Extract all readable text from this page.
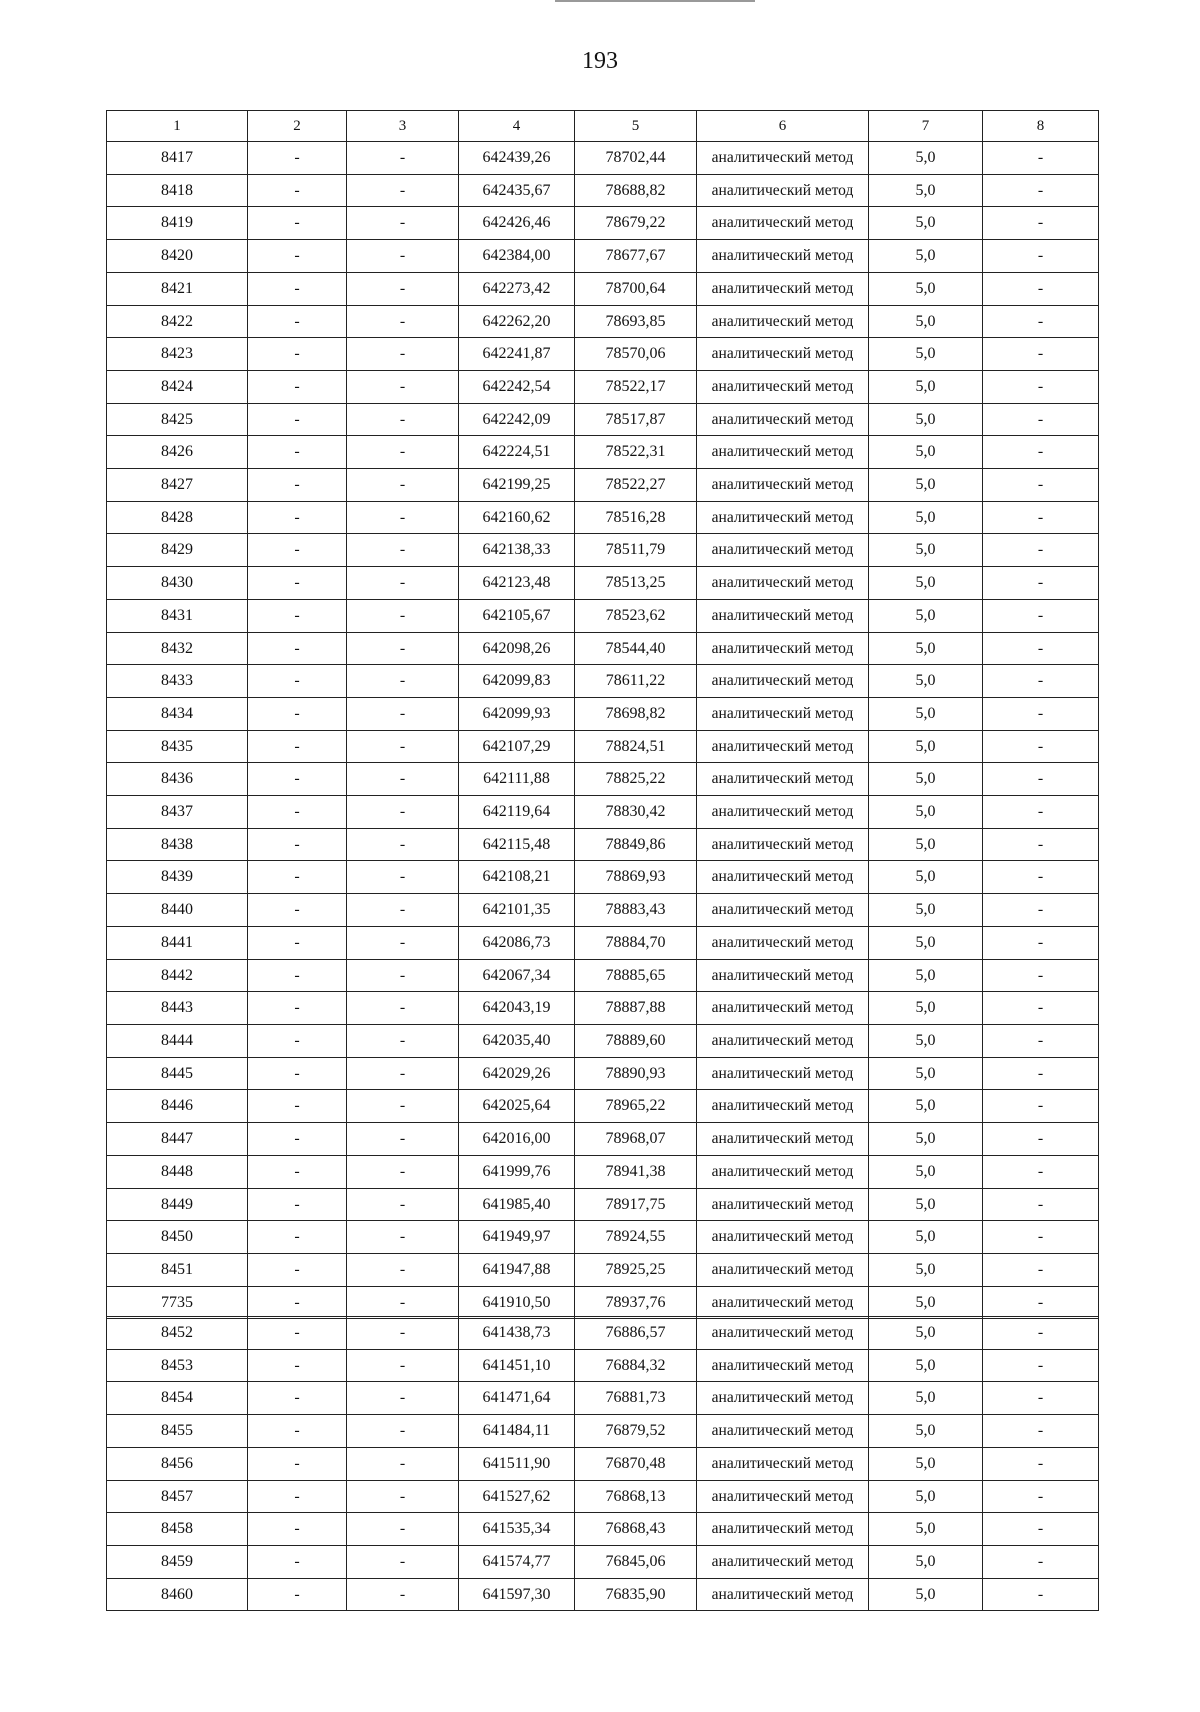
193
1	2	3	4	5	6	7	8
8417	-	-	642439,26	78702,44	аналитический метод	5,0	-
8418	-	-	642435,67	78688,82	аналитический метод	5,0	-
8419	-	-	642426,46	78679,22	аналитический метод	5,0	-
8420	-	-	642384,00	78677,67	аналитический метод	5,0	-
8421	-	-	642273,42	78700,64	аналитический метод	5,0	-
8422	-	-	642262,20	78693,85	аналитический метод	5,0	-
8423	-	-	642241,87	78570,06	аналитический метод	5,0	-
8424	-	-	642242,54	78522,17	аналитический метод	5,0	-
8425	-	-	642242,09	78517,87	аналитический метод	5,0	-
8426	-	-	642224,51	78522,31	аналитический метод	5,0	-
8427	-	-	642199,25	78522,27	аналитический метод	5,0	-
8428	-	-	642160,62	78516,28	аналитический метод	5,0	-
8429	-	-	642138,33	78511,79	аналитический метод	5,0	-
8430	-	-	642123,48	78513,25	аналитический метод	5,0	-
8431	-	-	642105,67	78523,62	аналитический метод	5,0	-
8432	-	-	642098,26	78544,40	аналитический метод	5,0	-
8433	-	-	642099,83	78611,22	аналитический метод	5,0	-
8434	-	-	642099,93	78698,82	аналитический метод	5,0	-
8435	-	-	642107,29	78824,51	аналитический метод	5,0	-
8436	-	-	642111,88	78825,22	аналитический метод	5,0	-
8437	-	-	642119,64	78830,42	аналитический метод	5,0	-
8438	-	-	642115,48	78849,86	аналитический метод	5,0	-
8439	-	-	642108,21	78869,93	аналитический метод	5,0	-
8440	-	-	642101,35	78883,43	аналитический метод	5,0	-
8441	-	-	642086,73	78884,70	аналитический метод	5,0	-
8442	-	-	642067,34	78885,65	аналитический метод	5,0	-
8443	-	-	642043,19	78887,88	аналитический метод	5,0	-
8444	-	-	642035,40	78889,60	аналитический метод	5,0	-
8445	-	-	642029,26	78890,93	аналитический метод	5,0	-
8446	-	-	642025,64	78965,22	аналитический метод	5,0	-
8447	-	-	642016,00	78968,07	аналитический метод	5,0	-
8448	-	-	641999,76	78941,38	аналитический метод	5,0	-
8449	-	-	641985,40	78917,75	аналитический метод	5,0	-
8450	-	-	641949,97	78924,55	аналитический метод	5,0	-
8451	-	-	641947,88	78925,25	аналитический метод	5,0	-
7735	-	-	641910,50	78937,76	аналитический метод	5,0	-
8452	-	-	641438,73	76886,57	аналитический метод	5,0	-
8453	-	-	641451,10	76884,32	аналитический метод	5,0	-
8454	-	-	641471,64	76881,73	аналитический метод	5,0	-
8455	-	-	641484,11	76879,52	аналитический метод	5,0	-
8456	-	-	641511,90	76870,48	аналитический метод	5,0	-
8457	-	-	641527,62	76868,13	аналитический метод	5,0	-
8458	-	-	641535,34	76868,43	аналитический метод	5,0	-
8459	-	-	641574,77	76845,06	аналитический метод	5,0	-
8460	-	-	641597,30	76835,90	аналитический метод	5,0	-
